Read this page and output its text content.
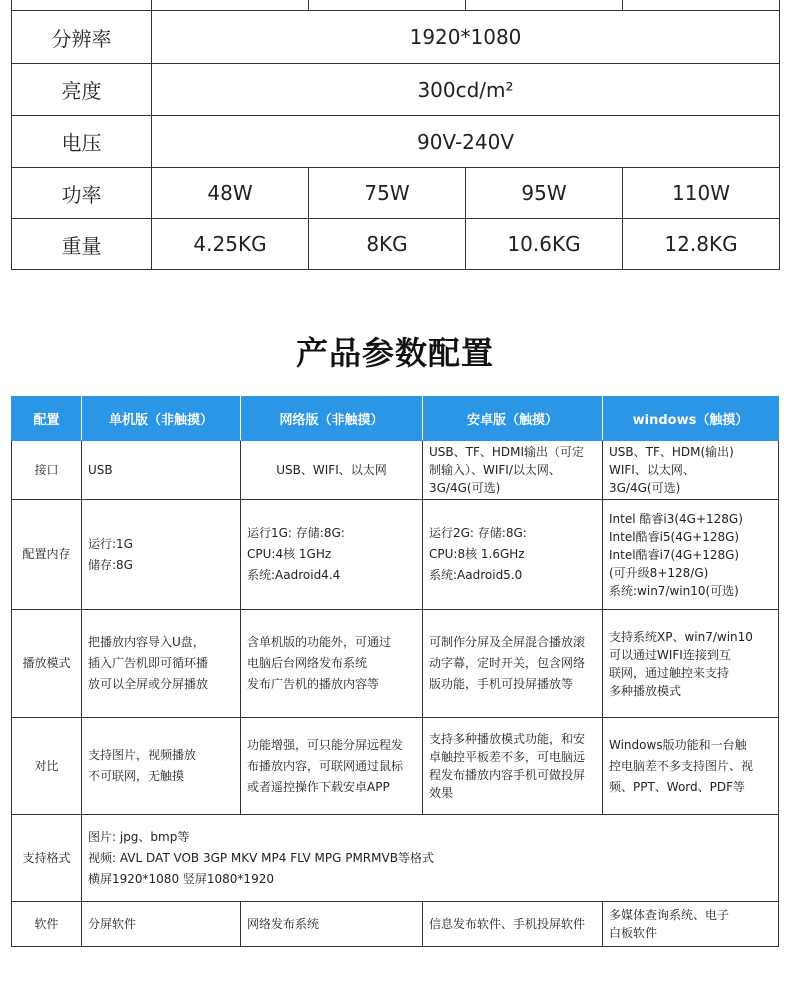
分辨率	1920*1080			
亮度	300cd/m²			
电压	90V-240V			
功率	48W	75W	95W	110W
重量	4.25KG	8KG	10.6KG	12.8KG
产品参数配置
配置	单机版（非触摸）	网络版（非触摸）	安卓版（触摸）	windows（触摸）
接口	USB	USB、WIFI、以太网	USB、TF、HDMI输出（可定
制输入）、WIFI/以太网、
3G/4G(可选)	USB、TF、HDM(输出)
WIFI、以太网、
3G/4G(可选)

配置内存	运行:1G
储存:8G	运行1G: 存储:8G:
CPU:4核 1GHz
系统:Aadroid4.4	运行2G: 存储:8G:
CPU:8核 1.6GHz
系统:Aadroid5.0	Intel 酷睿i3(4G+128G)
Intel酷睿i5(4G+128G)
Intel酷睿i7(4G+128G)
(可升级8+128/G)
系统:win7/win10(可选)

播放模式	把播放内容导入U盘，
插入广告机即可循环播
放可以全屏或分屏播放	含单机版的功能外，可通过
电脑后台网络发布系统
发布广告机的播放内容等	可制作分屏及全屏混合播放滚
动字幕，定时开关，包含网络
版功能，手机可投屏播放等	支持系统XP、win7/win10
可以通过WIFI连接到互
联网，通过触控来支持
多种播放模式

对比	支持图片，视频播放
不可联网，无触摸	功能增强，可只能分屏远程发
布播放内容，可联网通过鼠标
或者遥控操作下载安卓APP	支持多种播放模式功能，和安
卓触控平板差不多，可电脑远
程发布播放内容手机可做投屏
效果	Windows版功能和一台触
控电脑差不多支持图片、视
频、PPT、Word、PDF等

支持格式	图片: jpg、bmp等
视频: AVL DAT VOB 3GP MKV MP4 FLV MPG PMRMVB等格式
横屏1920*1080 竖屏1080*1920			

软件	分屏软件	网络发布系统	信息发布软件、手机投屏软件	多媒体查询系统、电子
白板软件
